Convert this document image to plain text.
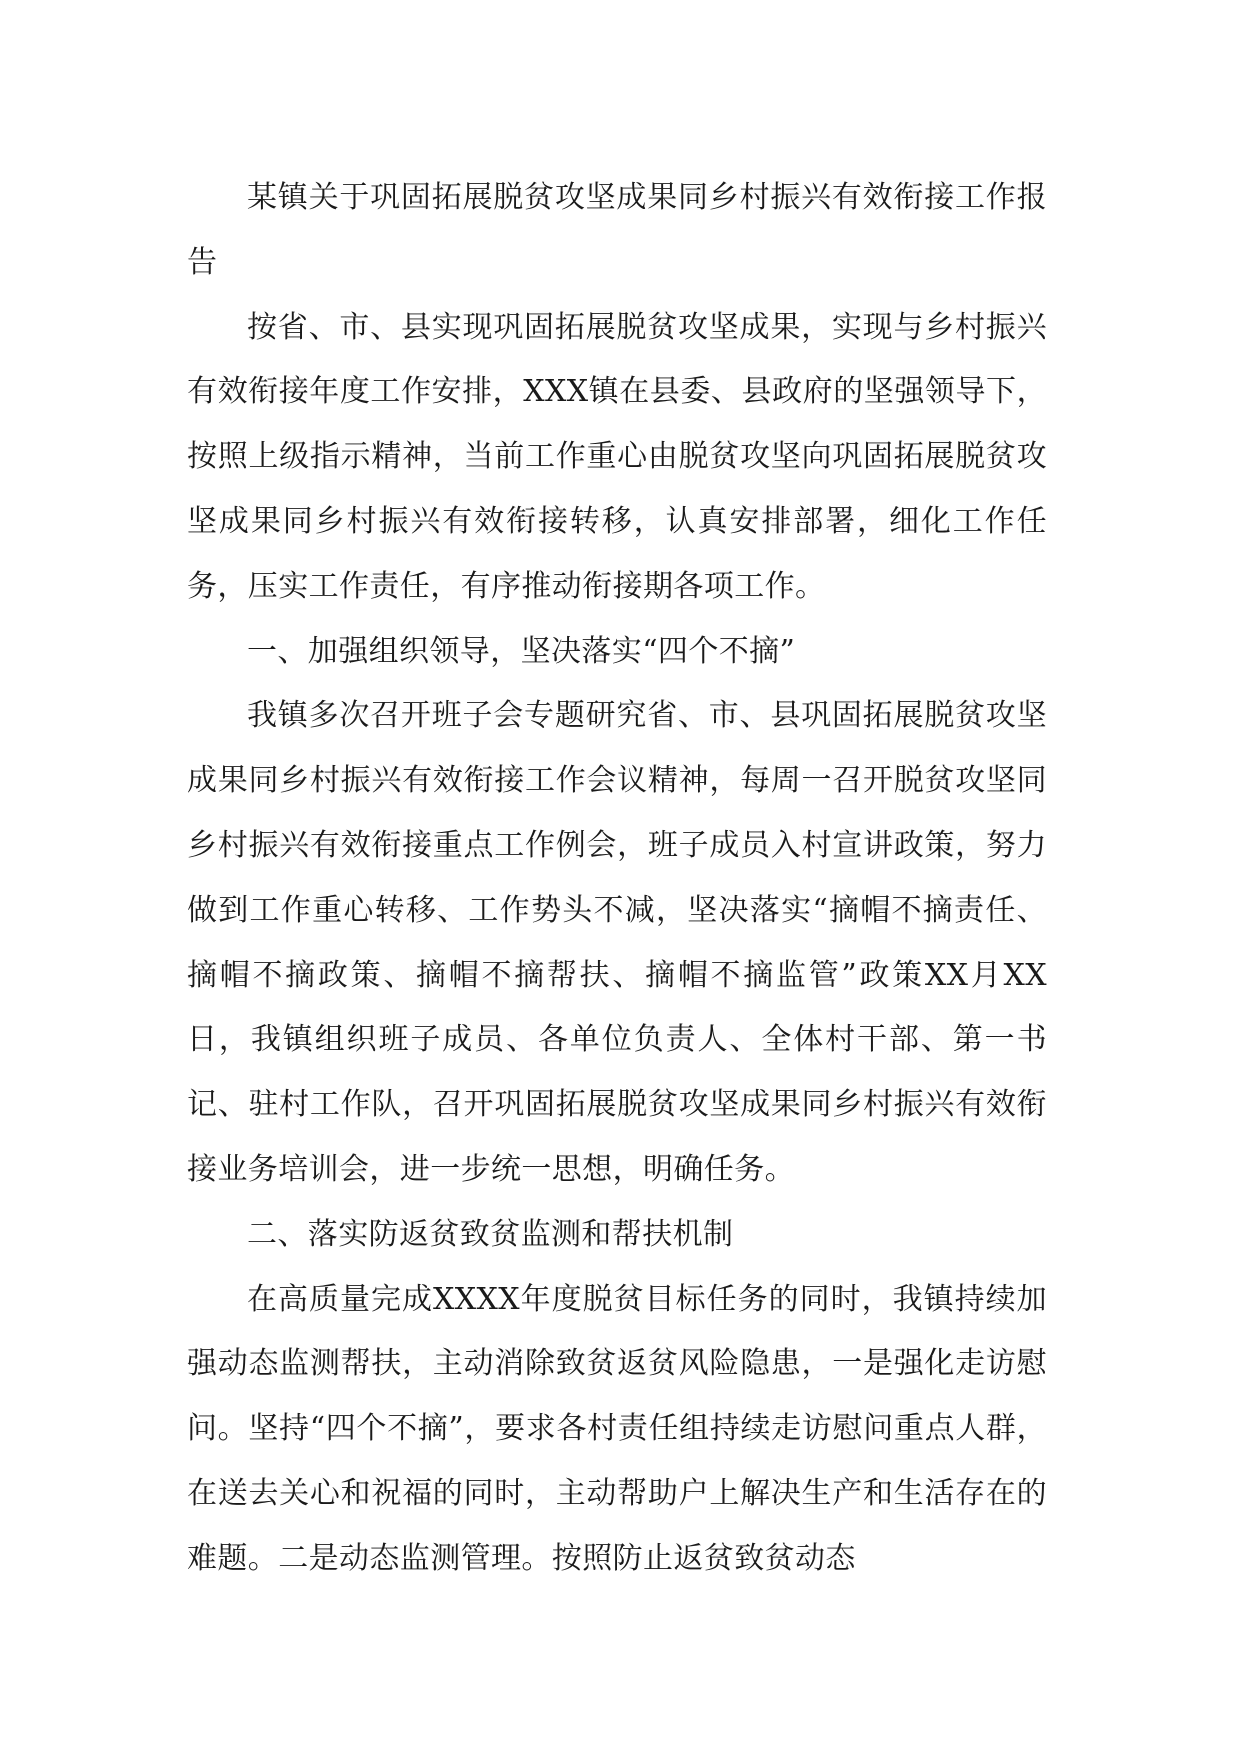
某镇关于巩固拓展脱贫攻坚成果同乡村振兴有效衔接工作报告

按省、市、县实现巩固拓展脱贫攻坚成果，实现与乡村振兴有效衔接年度工作安排，XXX镇在县委、县政府的坚强领导下，按照上级指示精神，当前工作重心由脱贫攻坚向巩固拓展脱贫攻坚成果同乡村振兴有效衔接转移，认真安排部署，细化工作任务，压实工作责任，有序推动衔接期各项工作。

一、加强组织领导，坚决落实“四个不摘”

我镇多次召开班子会专题研究省、市、县巩固拓展脱贫攻坚成果同乡村振兴有效衔接工作会议精神，每周一召开脱贫攻坚同乡村振兴有效衔接重点工作例会，班子成员入村宣讲政策，努力做到工作重心转移、工作势头不减，坚决落实“摘帽不摘责任、摘帽不摘政策、摘帽不摘帮扶、摘帽不摘监管”政策XX月XX日，我镇组织班子成员、各单位负责人、全体村干部、第一书记、驻村工作队，召开巩固拓展脱贫攻坚成果同乡村振兴有效衔接业务培训会，进一步统一思想，明确任务。

二、落实防返贫致贫监测和帮扶机制

在高质量完成XXXX年度脱贫目标任务的同时，我镇持续加强动态监测帮扶，主动消除致贫返贫风险隐患，一是强化走访慰问。坚持“四个不摘”，要求各村责任组持续走访慰问重点人群，在送去关心和祝福的同时，主动帮助户上解决生产和生活存在的难题。二是动态监测管理。按照防止返贫致贫动态
